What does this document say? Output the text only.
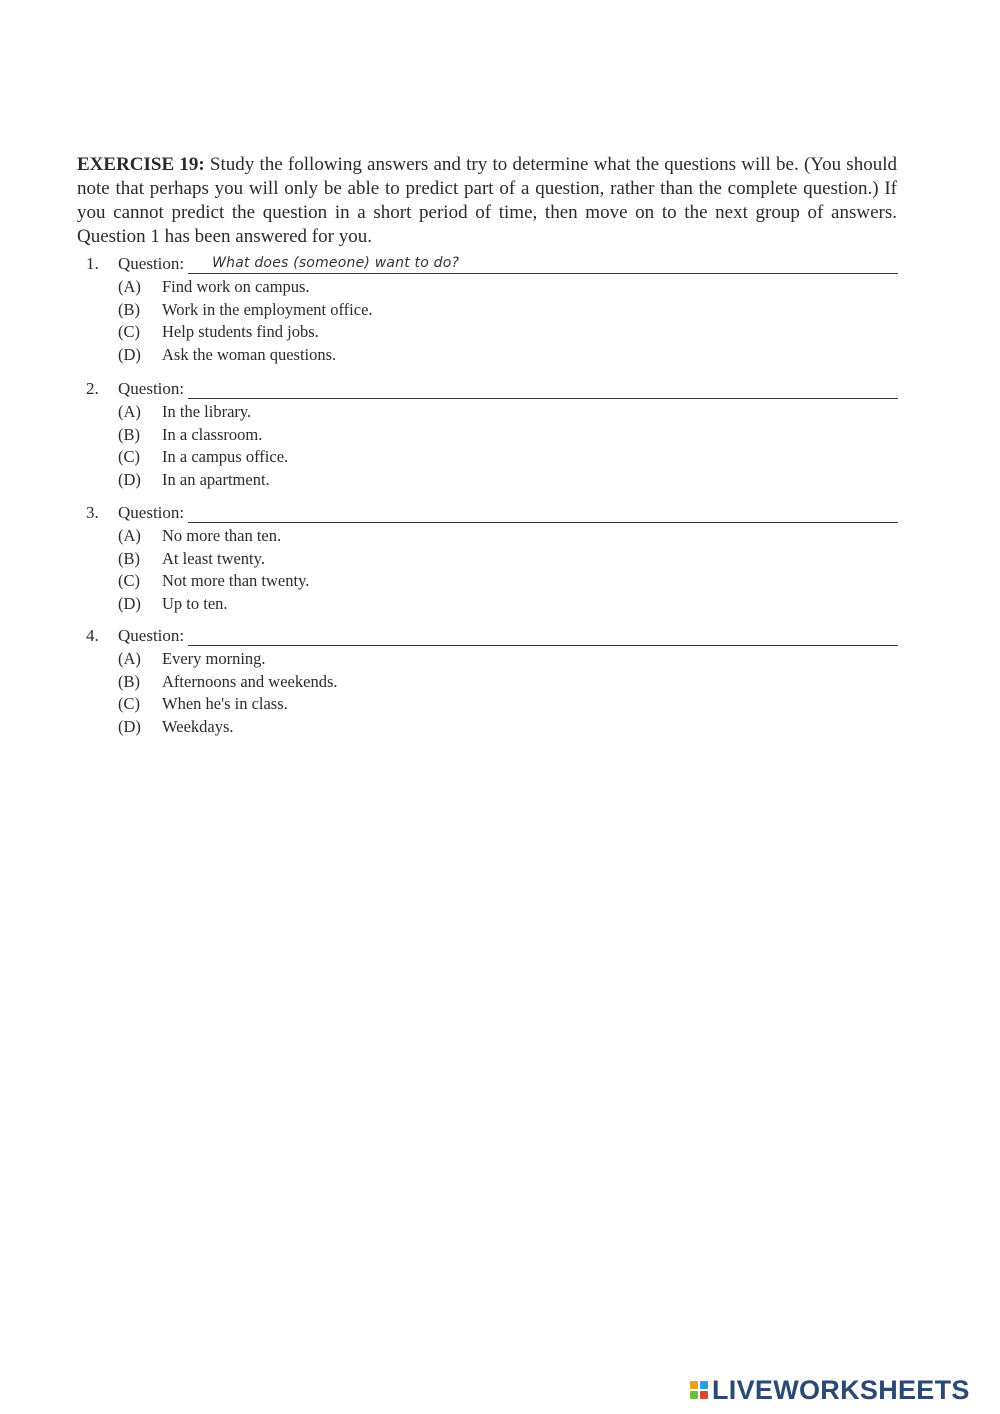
EXERCISE 19: Study the following answers and try to determine what the questions will be. (You should note that perhaps you will only be able to predict part of a question, rather than the complete question.) If you cannot predict the question in a short period of time, then move on to the next group of answers. Question 1 has been answered for you.

1.	Question: What does (someone) want to do?
(A)	Find work on campus.
(B)	Work in the employment office.
(C)	Help students find jobs.
(D)	Ask the woman questions.
2.	Question:
(A)	In the library.
(B)	In a classroom.
(C)	In a campus office.
(D)	In an apartment.
3.	Question:
(A)	No more than ten.
(B)	At least twenty.
(C)	Not more than twenty.
(D)	Up to ten.
4.	Question:
(A)	Every morning.
(B)	Afternoons and weekends.
(C)	When he's in class.
(D)	Weekdays.
LIVEWORKSHEETS
